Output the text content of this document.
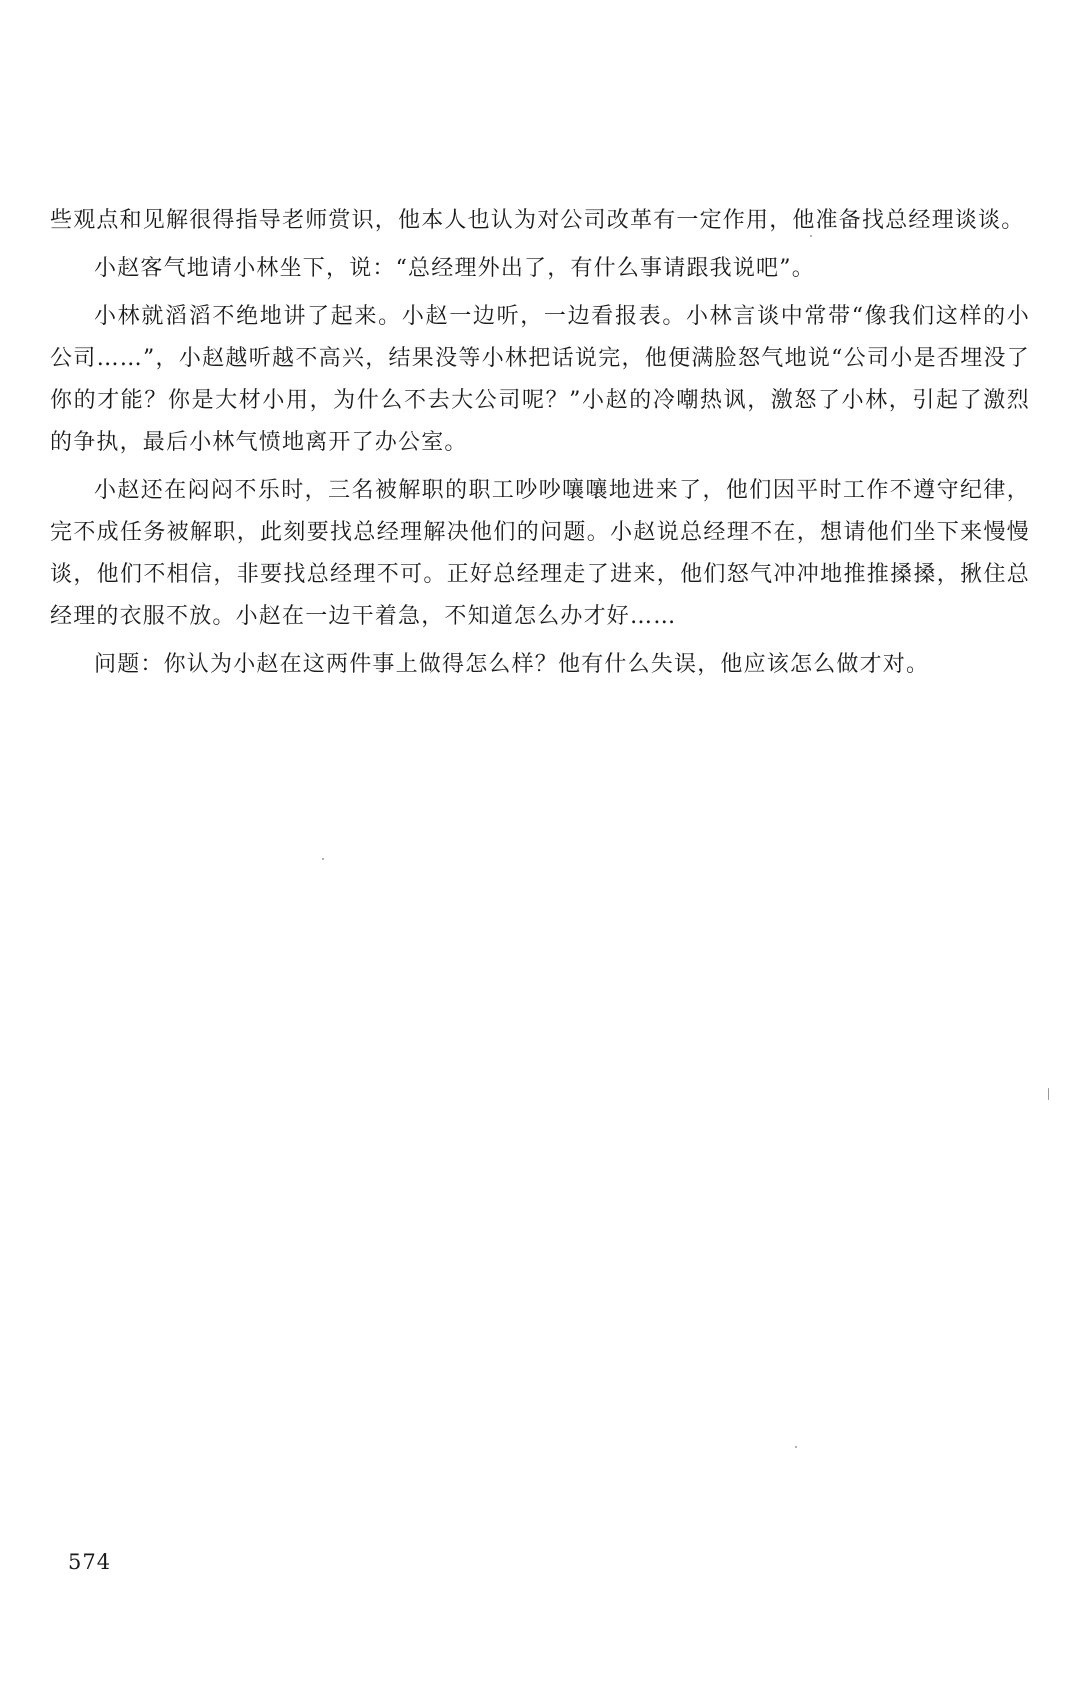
些观点和见解很得指导老师赏识，他本人也认为对公司改革有一定作用，他准备找总经理谈谈。

小赵客气地请小林坐下，说：“总经理外出了，有什么事请跟我说吧”。

小林就滔滔不绝地讲了起来。小赵一边听，一边看报表。小林言谈中常带“像我们这样的小公司……”，小赵越听越不高兴，结果没等小林把话说完，他便满脸怒气地说“公司小是否埋没了你的才能？你是大材小用，为什么不去大公司呢？”小赵的冷嘲热讽，激怒了小林，引起了激烈的争执，最后小林气愤地离开了办公室。

小赵还在闷闷不乐时，三名被解职的职工吵吵嚷嚷地进来了，他们因平时工作不遵守纪律，完不成任务被解职，此刻要找总经理解决他们的问题。小赵说总经理不在，想请他们坐下来慢慢谈，他们不相信，非要找总经理不可。正好总经理走了进来，他们怒气冲冲地推推搡搡，揪住总经理的衣服不放。小赵在一边干着急，不知道怎么办才好……

问题：你认为小赵在这两件事上做得怎么样？他有什么失误，他应该怎么做才对。

574
